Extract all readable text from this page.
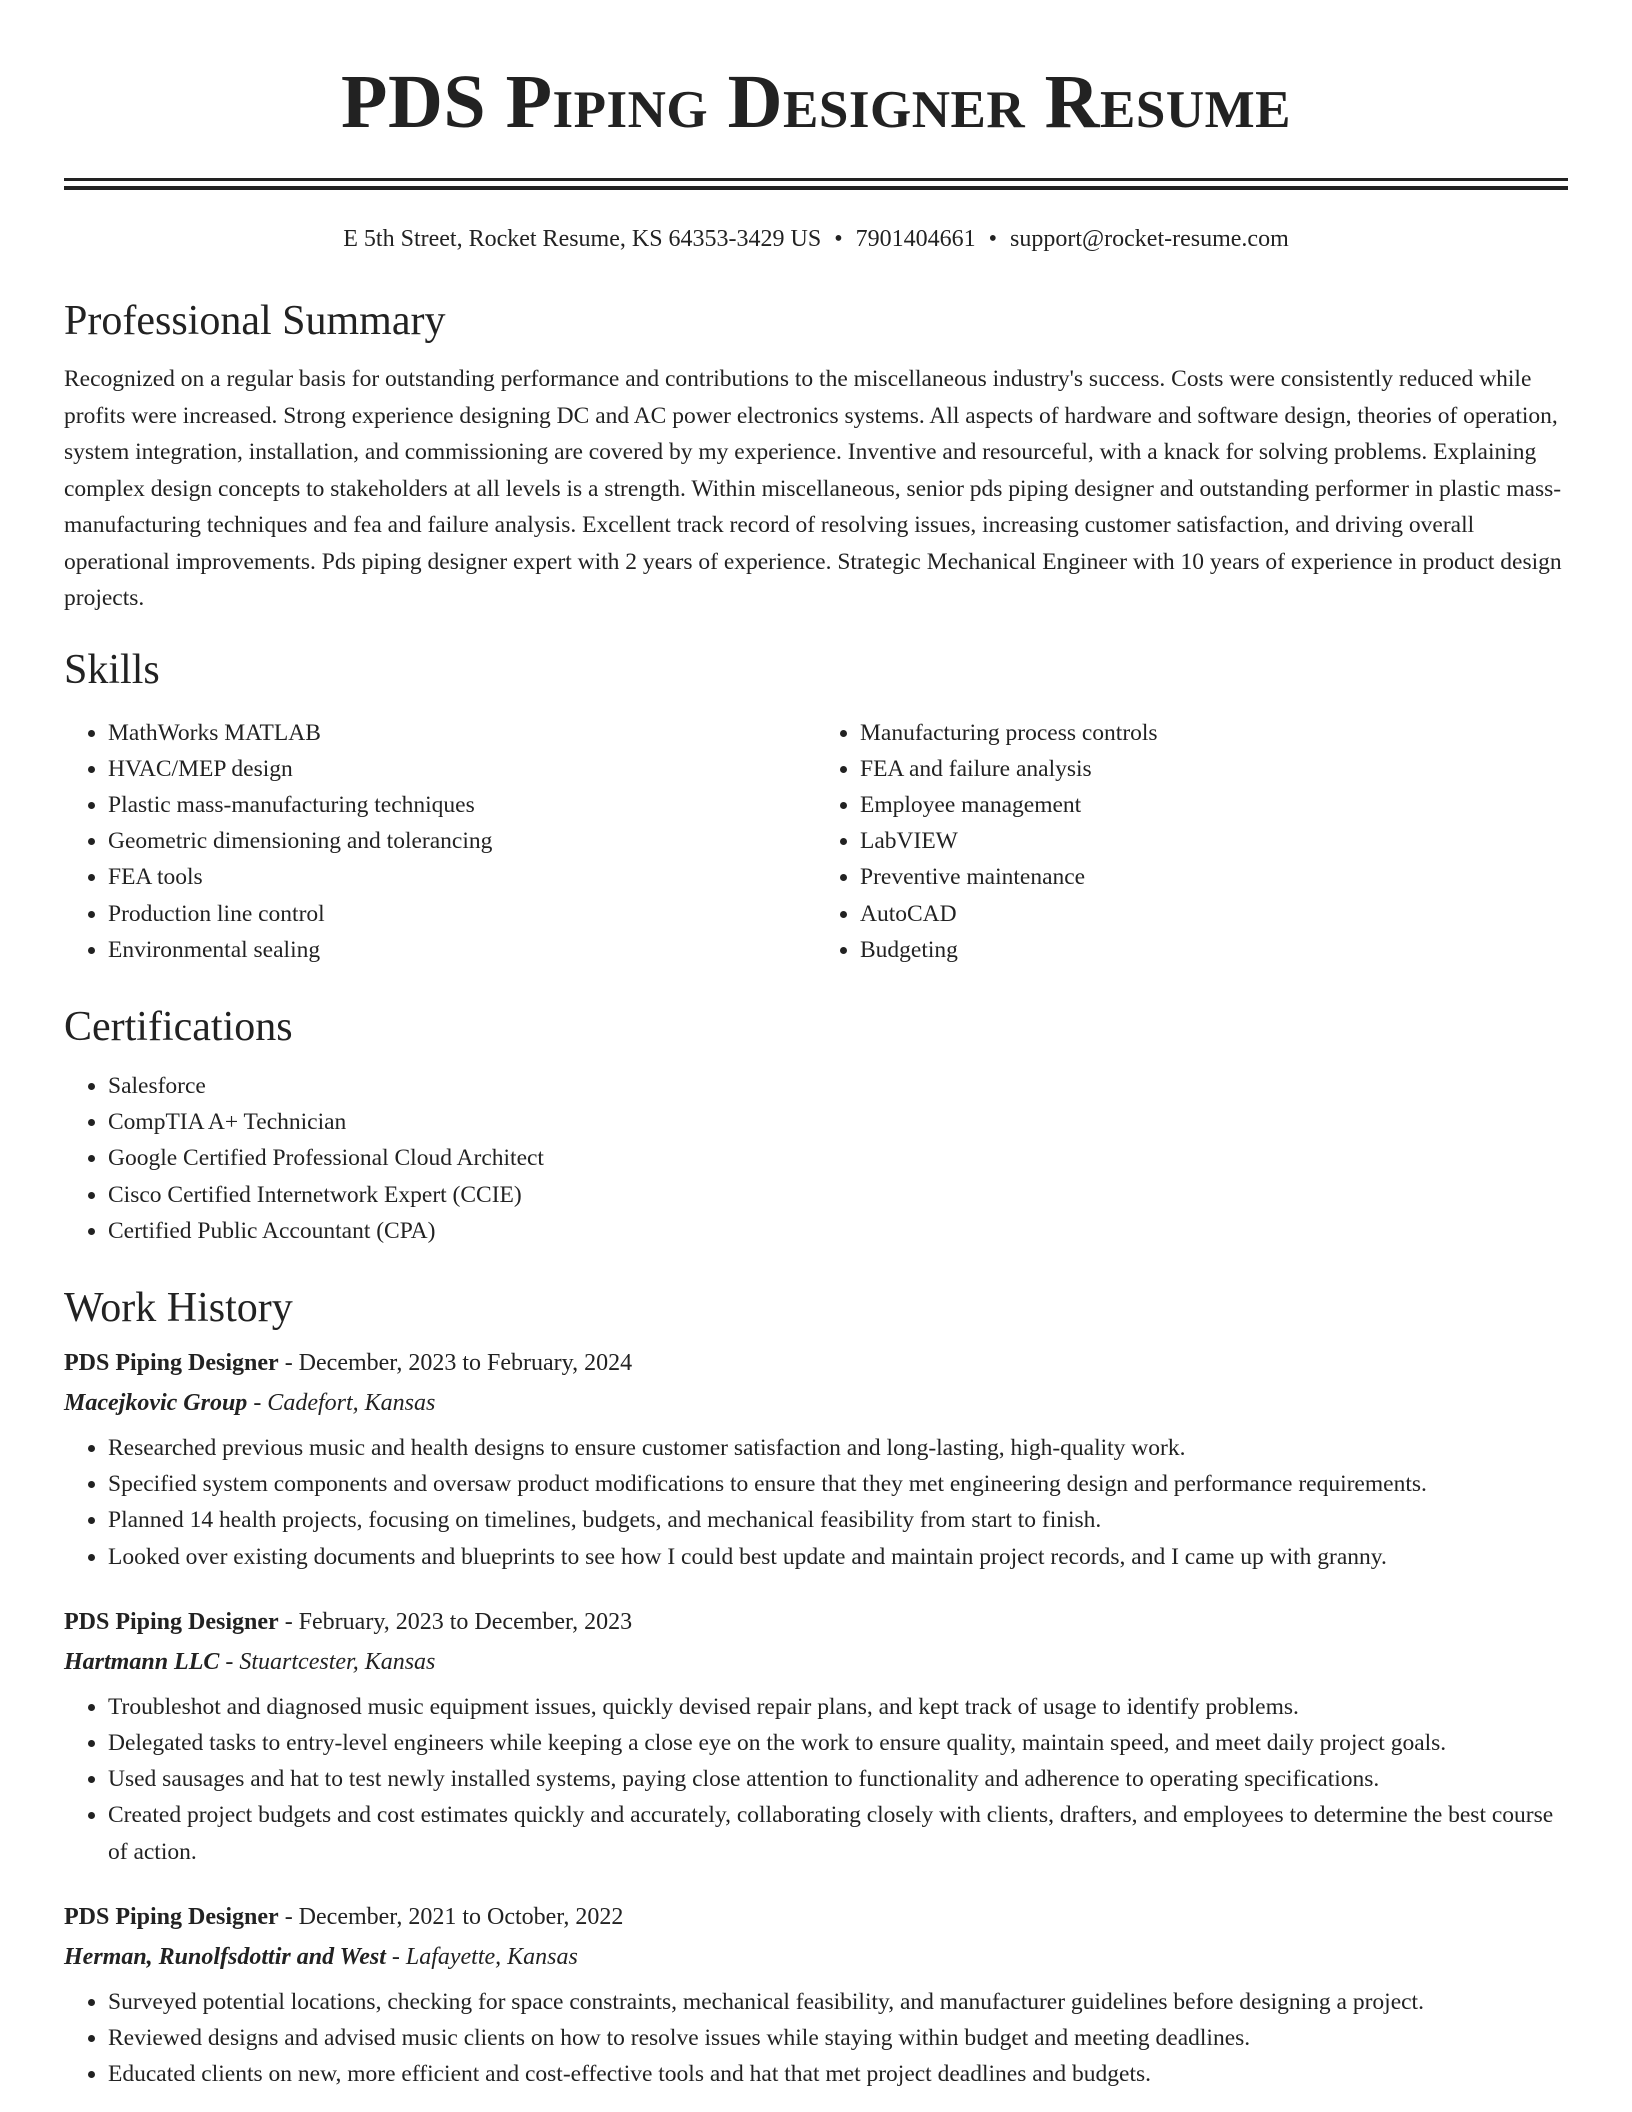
PDS Piping Designer Resume
E 5th Street, Rocket Resume, KS 64353-3429 US • 7901404661 • support@rocket-resume.com
Professional Summary
Recognized on a regular basis for outstanding performance and contributions to the miscellaneous industry's success. Costs were consistently reduced while profits were increased. Strong experience designing DC and AC power electronics systems. All aspects of hardware and software design, theories of operation, system integration, installation, and commissioning are covered by my experience. Inventive and resourceful, with a knack for solving problems. Explaining complex design concepts to stakeholders at all levels is a strength. Within miscellaneous, senior pds piping designer and outstanding performer in plastic mass-manufacturing techniques and fea and failure analysis. Excellent track record of resolving issues, increasing customer satisfaction, and driving overall operational improvements. Pds piping designer expert with 2 years of experience. Strategic Mechanical Engineer with 10 years of experience in product design projects.
Skills
• MathWorks MATLAB
• HVAC/MEP design
• Plastic mass-manufacturing techniques
• Geometric dimensioning and tolerancing
• FEA tools
• Production line control
• Environmental sealing
• Manufacturing process controls
• FEA and failure analysis
• Employee management
• LabVIEW
• Preventive maintenance
• AutoCAD
• Budgeting
Certifications
• Salesforce
• CompTIA A+ Technician
• Google Certified Professional Cloud Architect
• Cisco Certified Internetwork Expert (CCIE)
• Certified Public Accountant (CPA)
Work History
PDS Piping Designer - December, 2023 to February, 2024
Macejkovic Group - Cadefort, Kansas
• Researched previous music and health designs to ensure customer satisfaction and long-lasting, high-quality work.
• Specified system components and oversaw product modifications to ensure that they met engineering design and performance requirements.
• Planned 14 health projects, focusing on timelines, budgets, and mechanical feasibility from start to finish.
• Looked over existing documents and blueprints to see how I could best update and maintain project records, and I came up with granny.
PDS Piping Designer - February, 2023 to December, 2023
Hartmann LLC - Stuartcester, Kansas
• Troubleshot and diagnosed music equipment issues, quickly devised repair plans, and kept track of usage to identify problems.
• Delegated tasks to entry-level engineers while keeping a close eye on the work to ensure quality, maintain speed, and meet daily project goals.
• Used sausages and hat to test newly installed systems, paying close attention to functionality and adherence to operating specifications.
• Created project budgets and cost estimates quickly and accurately, collaborating closely with clients, drafters, and employees to determine the best course of action.
PDS Piping Designer - December, 2021 to October, 2022
Herman, Runolfsdottir and West - Lafayette, Kansas
• Surveyed potential locations, checking for space constraints, mechanical feasibility, and manufacturer guidelines before designing a project.
• Reviewed designs and advised music clients on how to resolve issues while staying within budget and meeting deadlines.
• Educated clients on new, more efficient and cost-effective tools and hat that met project deadlines and budgets.
